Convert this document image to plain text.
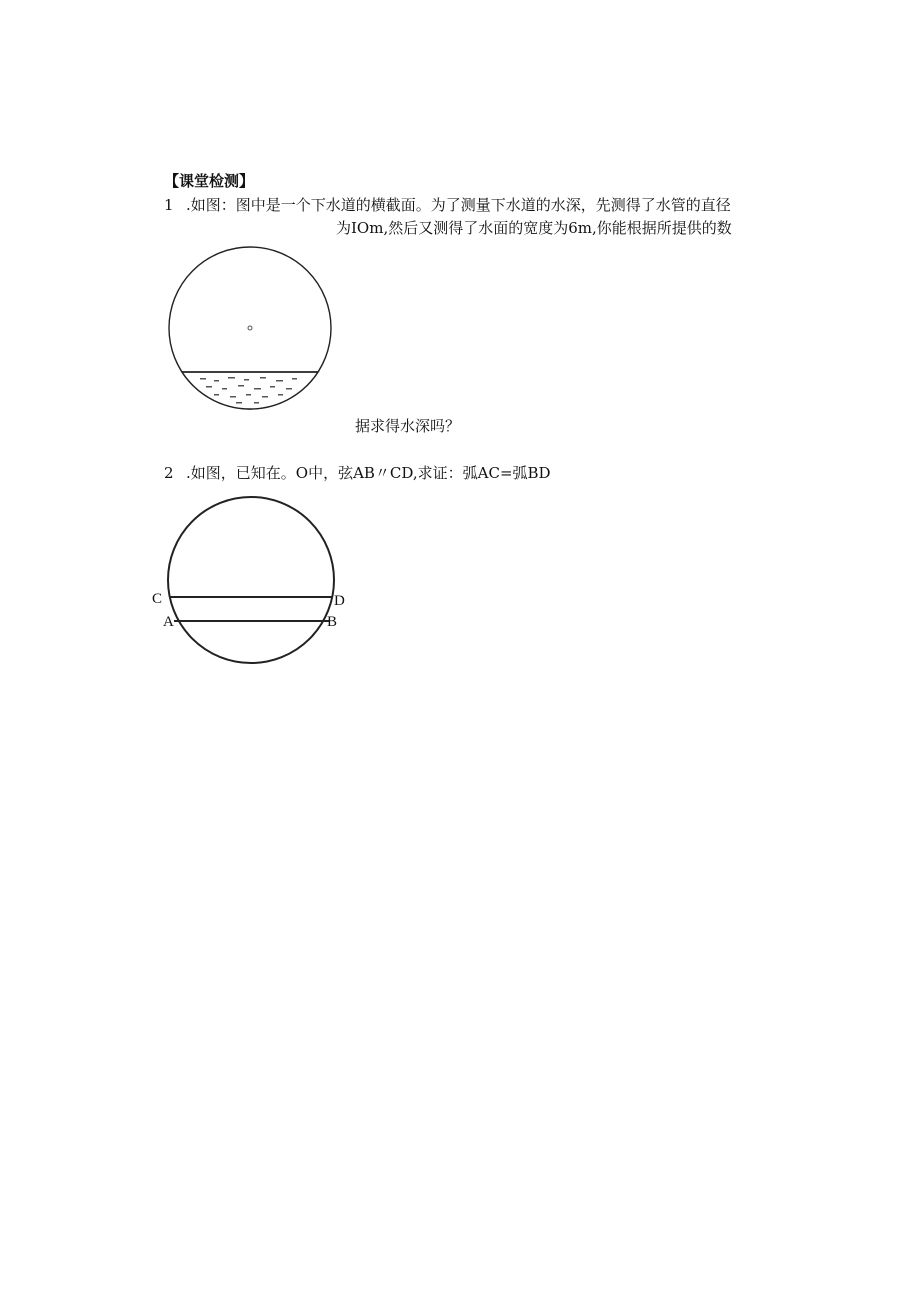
【课堂检测】
1 .如图：图中是一个下水道的横截面。为了测量下水道的水深，先测得了水管的直径
为IOm,然后又测得了水面的宽度为6m,你能根据所提供的数
据求得水深吗？
2 .如图，已知在。O中，弦AB〃CD,求证：弧AC=弧BD
C	D
A	B
